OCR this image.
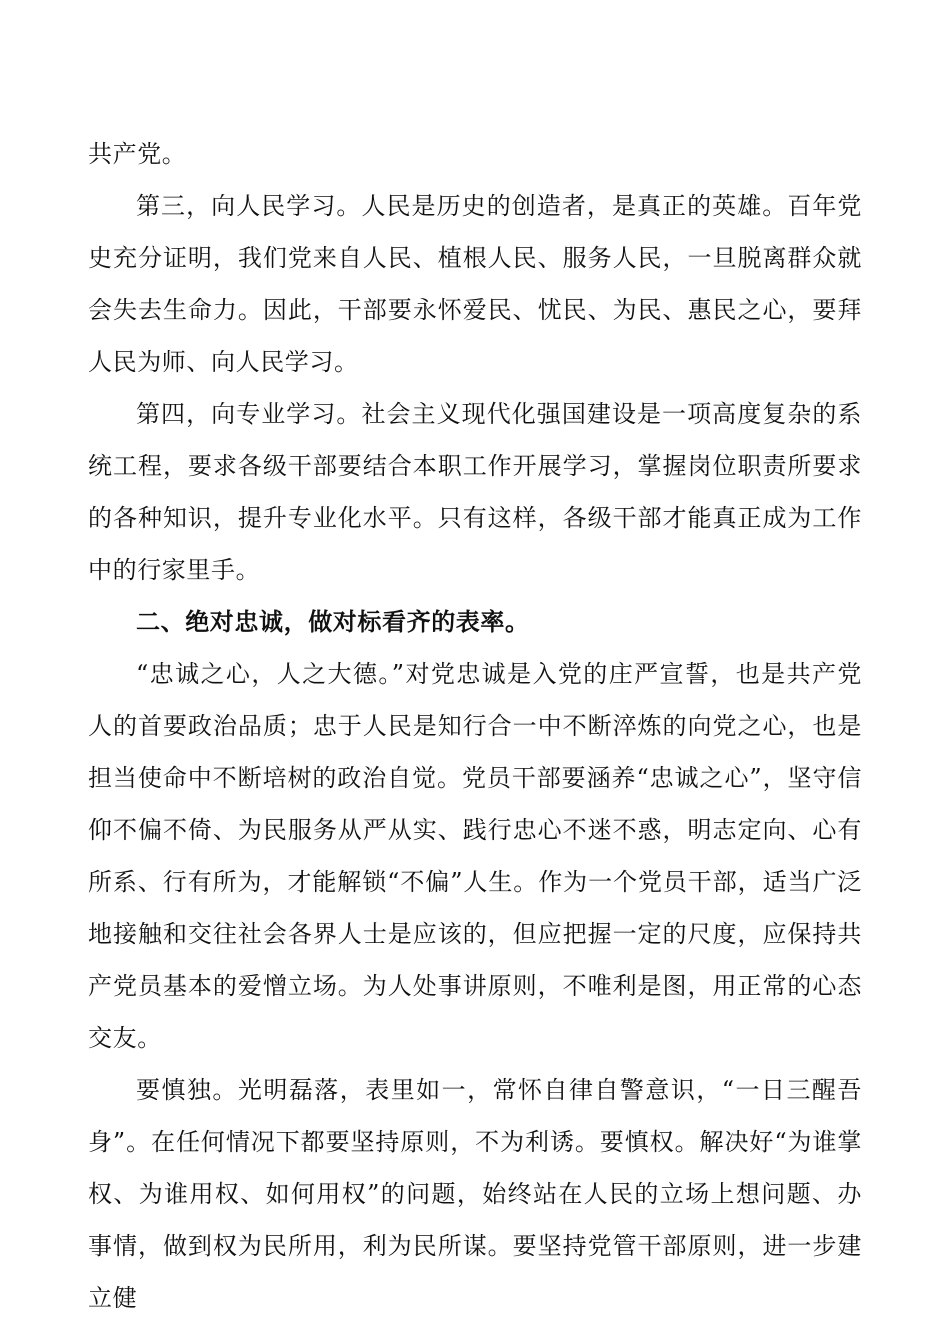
共产党。

第三，向人民学习。人民是历史的创造者，是真正的英雄。百年党史充分证明，我们党来自人民、植根人民、服务人民，一旦脱离群众就会失去生命力。因此，干部要永怀爱民、忧民、为民、惠民之心，要拜人民为师、向人民学习。

第四，向专业学习。社会主义现代化强国建设是一项高度复杂的系统工程，要求各级干部要结合本职工作开展学习，掌握岗位职责所要求的各种知识，提升专业化水平。只有这样，各级干部才能真正成为工作中的行家里手。

二、绝对忠诚，做对标看齐的表率。

“忠诚之心，人之大德。”对党忠诚是入党的庄严宣誓，也是共产党人的首要政治品质；忠于人民是知行合一中不断淬炼的向党之心，也是担当使命中不断培树的政治自觉。党员干部要涵养“忠诚之心”，坚守信仰不偏不倚、为民服务从严从实、践行忠心不迷不惑，明志定向、心有所系、行有所为，才能解锁“不偏”人生。作为一个党员干部，适当广泛地接触和交往社会各界人士是应该的，但应把握一定的尺度，应保持共产党员基本的爱憎立场。为人处事讲原则，不唯利是图，用正常的心态交友。

要慎独。光明磊落，表里如一，常怀自律自警意识，“一日三醒吾身”。在任何情况下都要坚持原则，不为利诱。要慎权。解决好“为谁掌权、为谁用权、如何用权”的问题，始终站在人民的立场上想问题、办事情，做到权为民所用，利为民所谋。要坚持党管干部原则，进一步建立健
